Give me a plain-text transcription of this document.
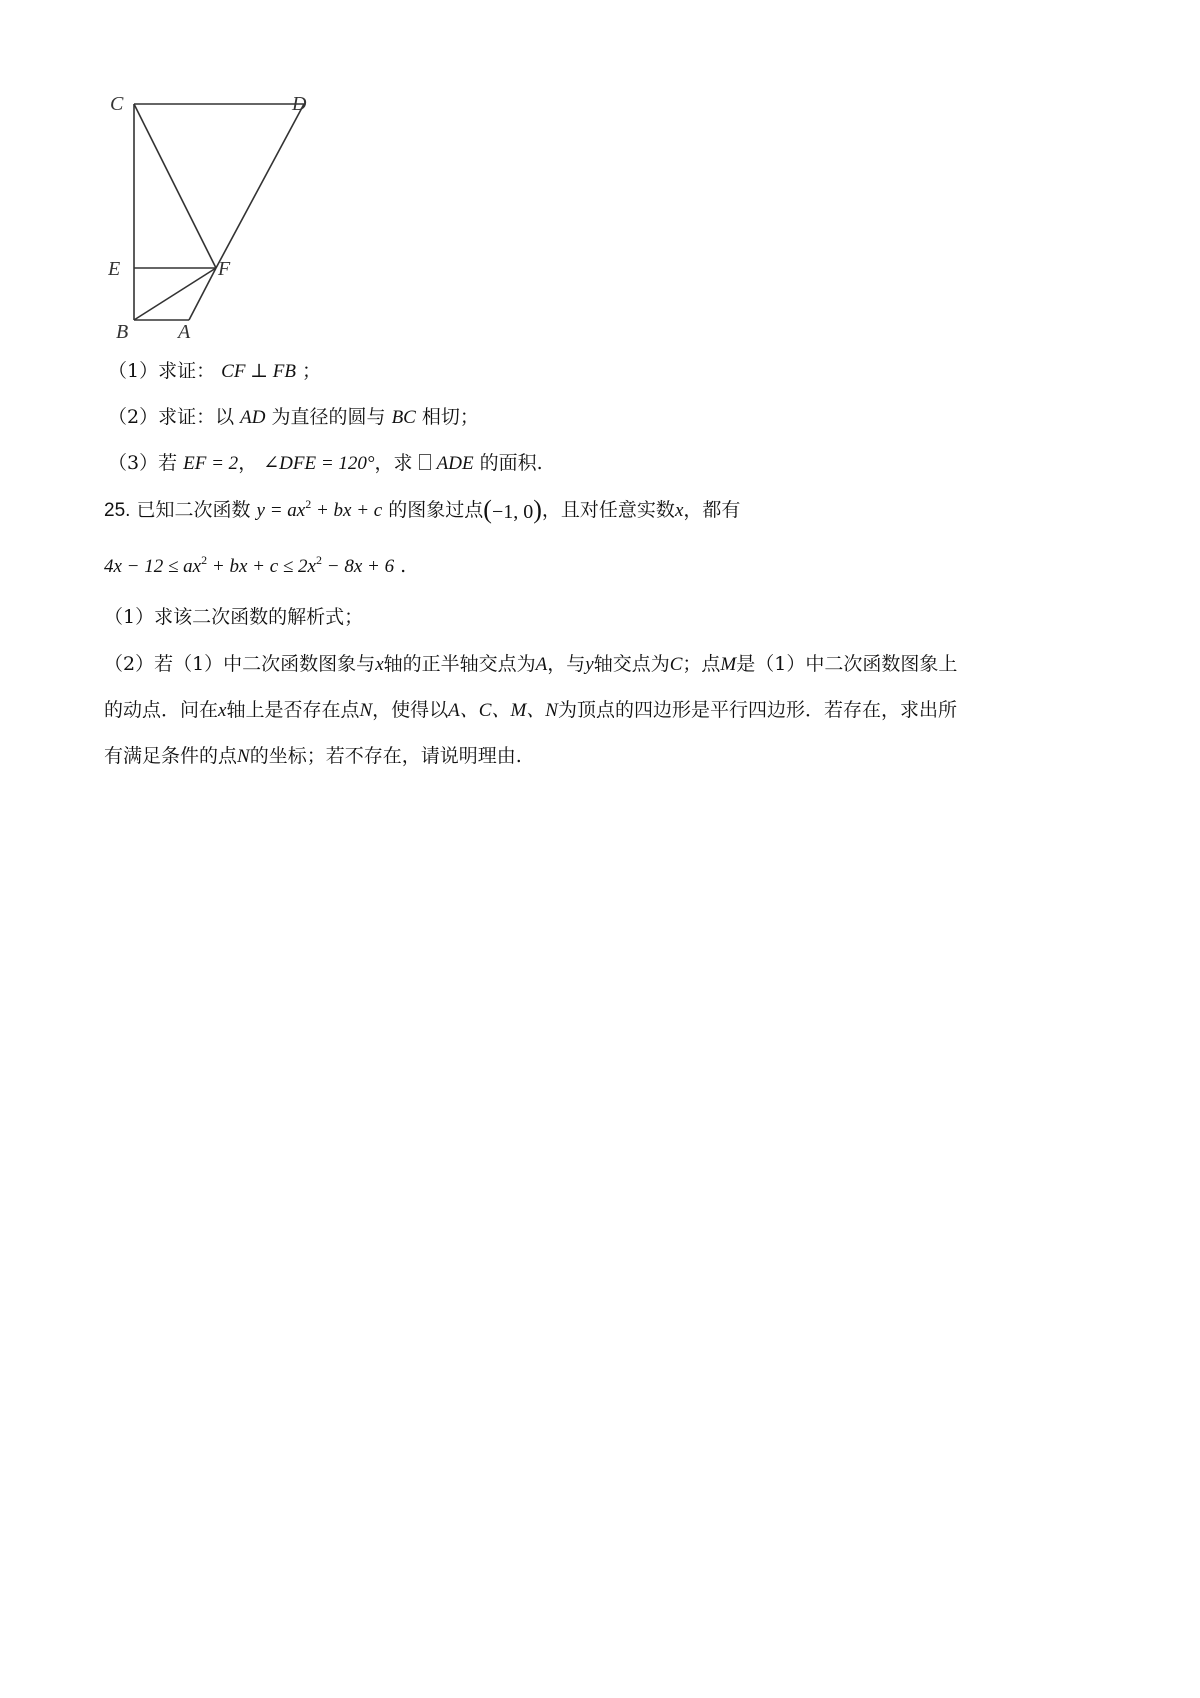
C	D
E	F
B A
（1）求证： CF ⊥ FB ；
（2）求证：以 AD 为直径的圆与 BC 相切；
（3）若 EF = 2， ∠DFE = 120°，求 ADE 的面积.
25. 已知二次函数 $y = ax^2$ + bx + c 的图象过点(−1, 0)，且对任意实数x，都有
$4x - 12 \le ax^2$ + bx + $c \le 2x^2 - 8x + 6$ .
（1）求该二次函数的解析式；
（2）若（1）中二次函数图象与x轴的正半轴交点为A，与y轴交点为C；点M是（1）中二次函数图象上
的动点．问在x轴上是否存在点N，使得以A、C、M、N为顶点的四边形是平行四边形．若存在，求出所
有满足条件的点N的坐标；若不存在，请说明理由.
